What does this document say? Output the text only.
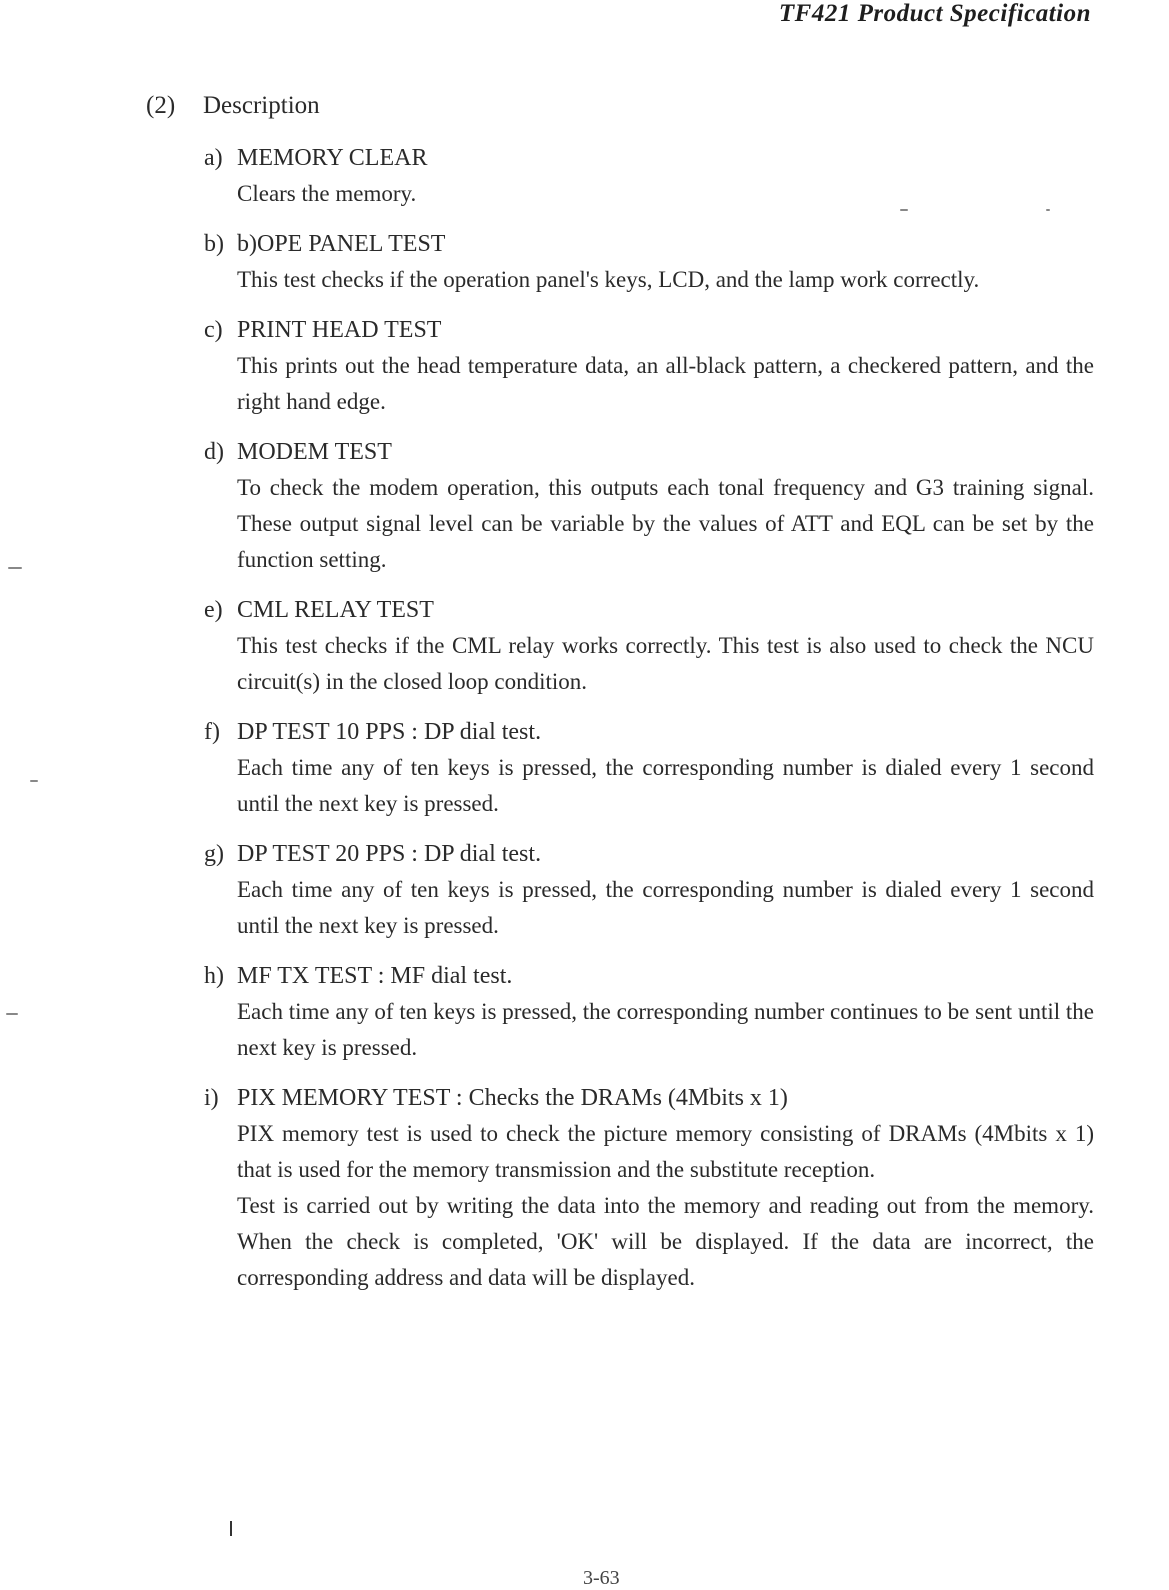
TF421 Product Specification
(2) Description
a) MEMORY CLEAR

Clears the memory.

b) b)OPE PANEL TEST

This test checks if the operation panel's keys, LCD, and the lamp work correctly.

c) PRINT HEAD TEST

This prints out the head temperature data, an all-black pattern, a checkered pattern, and the right hand edge.

d) MODEM TEST

To check the modem operation, this outputs each tonal frequency and G3 training signal. These output signal level can be variable by the values of ATT and EQL can be set by the function setting.

e) CML RELAY TEST

This test checks if the CML relay works correctly. This test is also used to check the NCU circuit(s) in the closed loop condition.

f) DP TEST 10 PPS : DP dial test.

Each time any of ten keys is pressed, the corresponding number is dialed every 1 second until the next key is pressed.

g) DP TEST 20 PPS : DP dial test.

Each time any of ten keys is pressed, the corresponding number is dialed every 1 second until the next key is pressed.

h) MF TX TEST : MF dial test.

Each time any of ten keys is pressed, the corresponding number continues to be sent until the next key is pressed.

i) PIX MEMORY TEST : Checks the DRAMs (4Mbits x 1)

PIX memory test is used to check the picture memory consisting of DRAMs (4Mbits x 1) that is used for the memory transmission and the substitute reception.

Test is carried out by writing the data into the memory and reading out from the memory. When the check is completed, 'OK' will be displayed. If the data are incorrect, the corresponding address and data will be displayed.

3-63
